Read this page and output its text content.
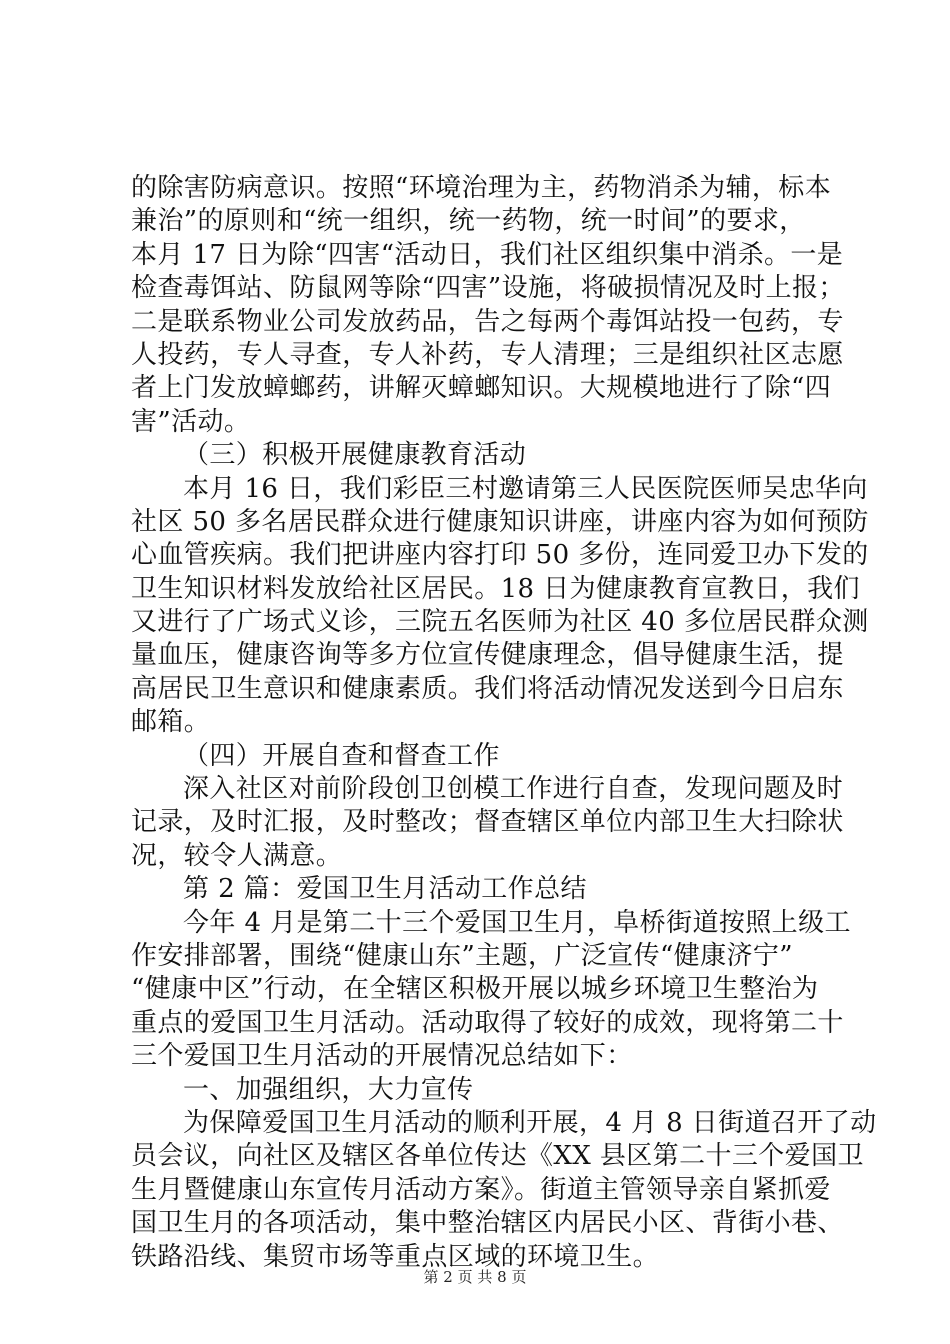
的除害防病意识。按照“环境治理为主，药物消杀为辅，标本
兼治”的原则和“统一组织，统一药物，统一时间”的要求，
本月 17 日为除“四害“活动日，我们社区组织集中消杀。一是
检查毒饵站、防鼠网等除“四害”设施，将破损情况及时上报；
二是联系物业公司发放药品，告之每两个毒饵站投一包药，专
人投药，专人寻查，专人补药，专人清理；三是组织社区志愿
者上门发放蟑螂药，讲解灭蟑螂知识。大规模地进行了除“四
害”活动。
（三）积极开展健康教育活动
本月 16 日，我们彩臣三村邀请第三人民医院医师吴忠华向
社区 50 多名居民群众进行健康知识讲座，讲座内容为如何预防
心血管疾病。我们把讲座内容打印 50 多份，连同爱卫办下发的
卫生知识材料发放给社区居民。18 日为健康教育宣教日，我们
又进行了广场式义诊，三院五名医师为社区 40 多位居民群众测
量血压，健康咨询等多方位宣传健康理念，倡导健康生活，提
高居民卫生意识和健康素质。我们将活动情况发送到今日启东
邮箱。
（四）开展自查和督查工作
深入社区对前阶段创卫创模工作进行自查，发现问题及时
记录，及时汇报，及时整改；督查辖区单位内部卫生大扫除状
况，较令人满意。
第 2 篇：爱国卫生月活动工作总结
今年 4 月是第二十三个爱国卫生月，阜桥街道按照上级工
作安排部署，围绕“健康山东”主题，广泛宣传“健康济宁”
“健康中区”行动，在全辖区积极开展以城乡环境卫生整治为
重点的爱国卫生月活动。活动取得了较好的成效，现将第二十
三个爱国卫生月活动的开展情况总结如下：
一、加强组织，大力宣传
为保障爱国卫生月活动的顺利开展，4 月 8 日街道召开了动
员会议，向社区及辖区各单位传达《XX 县区第二十三个爱国卫
生月暨健康山东宣传月活动方案》。街道主管领导亲自紧抓爱
国卫生月的各项活动，集中整治辖区内居民小区、背街小巷、
铁路沿线、集贸市场等重点区域的环境卫生。
第 2 页 共 8 页
